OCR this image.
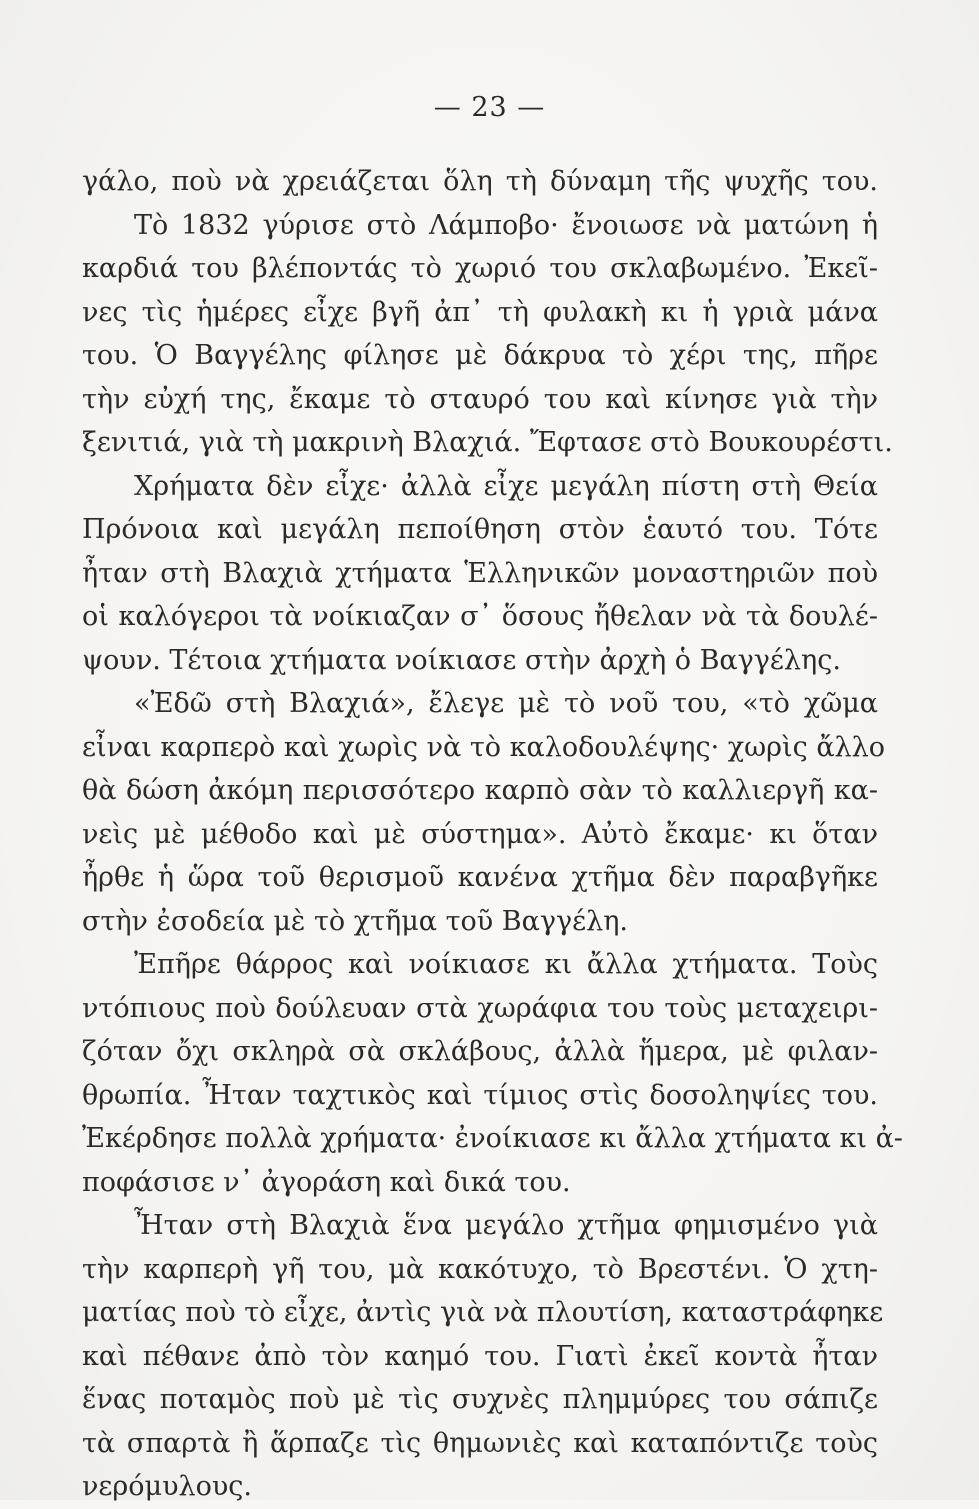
— 23 —
γάλο, ποὺ νὰ χρειάζεται ὅλη τὴ δύναμη τῆς ψυχῆς του.
Τὸ 1832 γύρισε στὸ Λάμποβο· ἔνοιωσε νὰ ματώνη ἡ
καρδιά του βλέποντάς τὸ χωριό του σκλαβωμένο. Ἐκεῖ-
νες τὶς ἡμέρες εἶχε βγῆ ἀπ᾽ τὴ φυλακὴ κι ἡ γριὰ μάνα
του. Ὁ Βαγγέλης φίλησε μὲ δάκρυα τὸ χέρι της, πῆρε
τὴν εὐχή της, ἔκαμε τὸ σταυρό του καὶ κίνησε γιὰ τὴν
ξενιτιά, γιὰ τὴ μακρινὴ Βλαχιά. Ἔφτασε στὸ Βουκουρέστι.
Χρήματα δὲν εἶχε· ἀλλὰ εἶχε μεγάλη πίστη στὴ Θεία
Πρόνοια καὶ μεγάλη πεποίθηση στὸν ἑαυτό του. Τότε
ἦταν στὴ Βλαχιὰ χτήματα Ἑλληνικῶν μοναστηριῶν ποὺ
οἱ καλόγεροι τὰ νοίκιαζαν σ᾽ ὅσους ἤθελαν νὰ τὰ δουλέ-
ψουν. Τέτοια χτήματα νοίκιασε στὴν ἀρχὴ ὁ Βαγγέλης.
«Ἐδῶ στὴ Βλαχιά», ἔλεγε μὲ τὸ νοῦ του, «τὸ χῶμα
εἶναι καρπερὸ καὶ χωρὶς νὰ τὸ καλοδουλέψης· χωρὶς ἄλλο
θὰ δώση ἀκόμη περισσότερο καρπὸ σὰν τὸ καλλιεργῆ κα-
νεὶς μὲ μέθοδο καὶ μὲ σύστημα». Αὐτὸ ἔκαμε· κι ὅταν
ἦρθε ἡ ὥρα τοῦ θερισμοῦ κανένα χτῆμα δὲν παραβγῆκε
στὴν ἐσοδεία μὲ τὸ χτῆμα τοῦ Βαγγέλη.
Ἐπῆρε θάρρος καὶ νοίκιασε κι ἄλλα χτήματα. Τοὺς
ντόπιους ποὺ δούλευαν στὰ χωράφια του τοὺς μεταχειρι-
ζόταν ὄχι σκληρὰ σὰ σκλάβους, ἀλλὰ ἥμερα, μὲ φιλαν-
θρωπία. Ἦταν ταχτικὸς καὶ τίμιος στὶς δοσοληψίες του.
Ἐκέρδησε πολλὰ χρήματα· ἐνοίκιασε κι ἄλλα χτήματα κι ἀ-
ποφάσισε ν᾽ ἀγοράση καὶ δικά του.
Ἦταν στὴ Βλαχιὰ ἕνα μεγάλο χτῆμα φημισμένο γιὰ
τὴν καρπερὴ γῆ του, μὰ κακότυχο, τὸ Βρεστένι. Ὁ χτη-
ματίας ποὺ τὸ εἶχε, ἀντὶς γιὰ νὰ πλουτίση, καταστράφηκε
καὶ πέθανε ἀπὸ τὸν καημό του. Γιατὶ ἐκεῖ κοντὰ ἦταν
ἕνας ποταμὸς ποὺ μὲ τὶς συχνὲς πλημμύρες του σάπιζε
τὰ σπαρτὰ ἢ ἅρπαζε τὶς θημωνιὲς καὶ καταπόντιζε τοὺς
νερόμυλους.
